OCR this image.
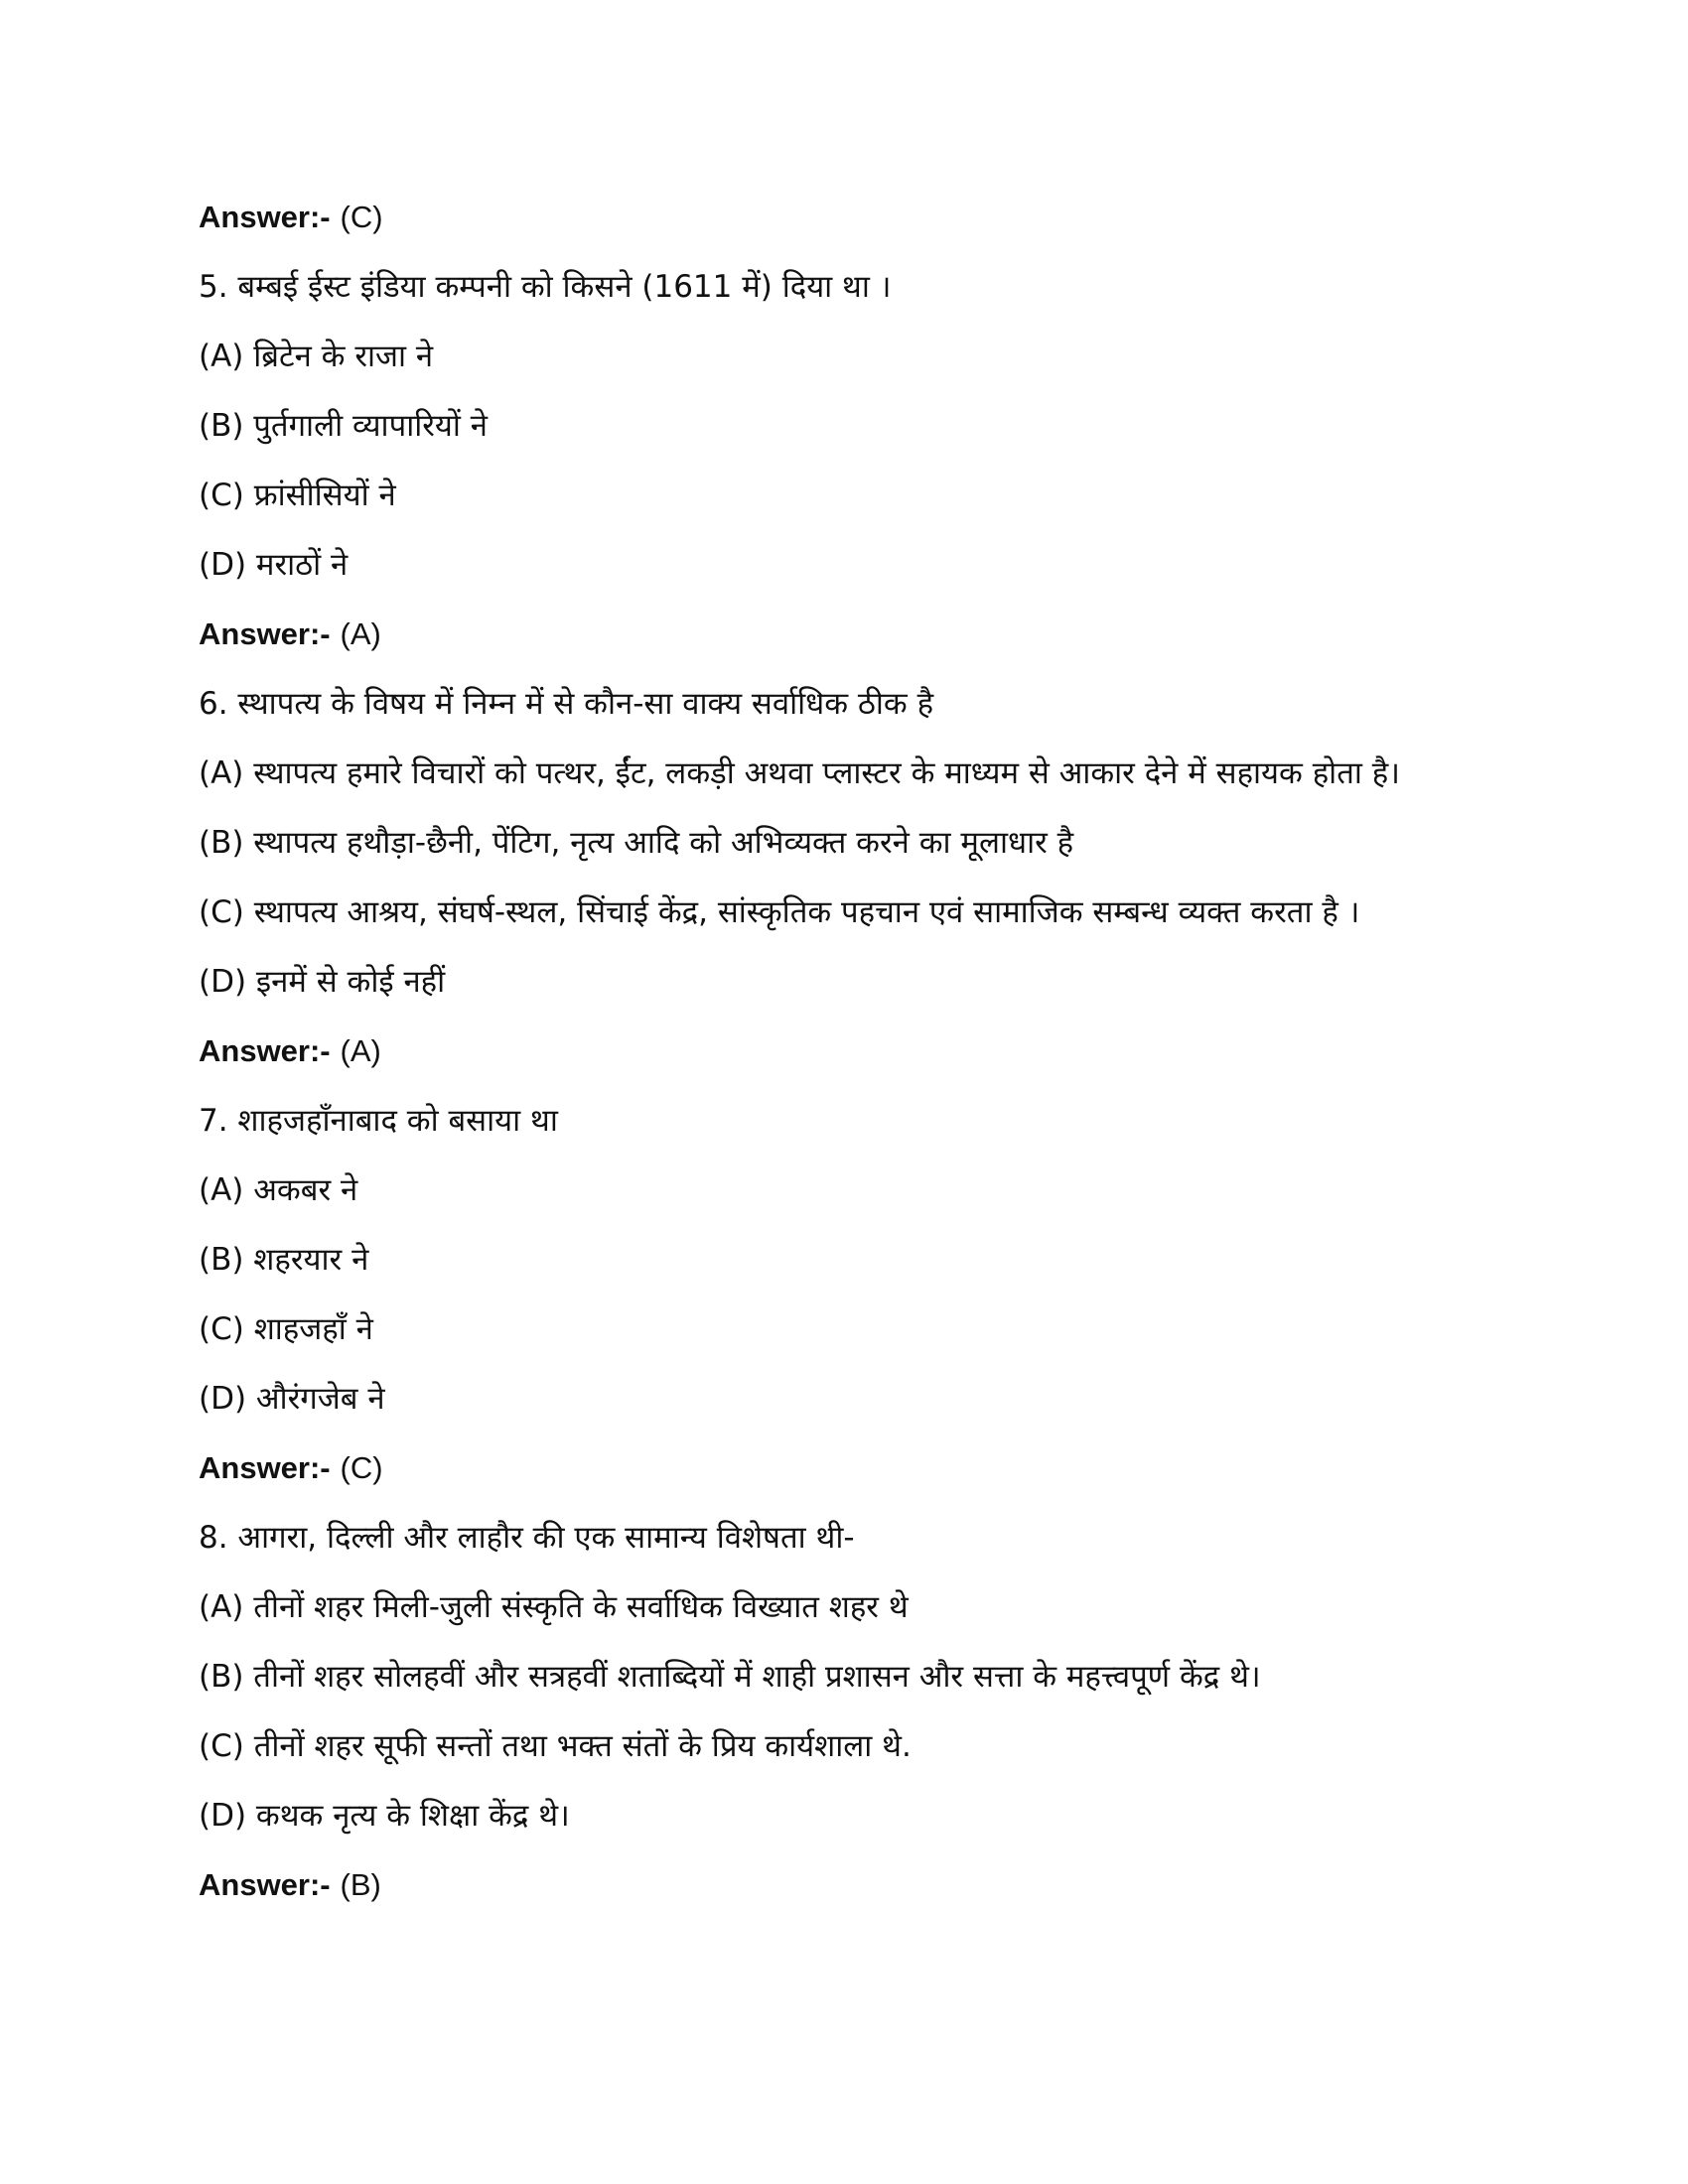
Answer:- (C)

5. बम्बई ईस्ट इंडिया कम्पनी को किसने (1611 में) दिया था ।

(A) ब्रिटेन के राजा ने

(B) पुर्तगाली व्यापारियों ने

(C) फ्रांसीसियों ने

(D) मराठों ने

Answer:- (A)

6. स्थापत्य के विषय में निम्न में से कौन-सा वाक्य सर्वाधिक ठीक है

(A) स्थापत्य हमारे विचारों को पत्थर, ईंट, लकड़ी अथवा प्लास्टर के माध्यम से आकार देने में सहायक होता है।

(B) स्थापत्य हथौड़ा-छैनी, पेंटिग, नृत्य आदि को अभिव्यक्त करने का मूलाधार है

(C) स्थापत्य आश्रय, संघर्ष-स्थल, सिंचाई केंद्र, सांस्कृतिक पहचान एवं सामाजिक सम्बन्ध व्यक्त करता है ।

(D) इनमें से कोई नहीं

Answer:- (A)

7. शाहजहाँनाबाद को बसाया था

(A) अकबर ने

(B) शहरयार ने

(C) शाहजहाँ ने

(D) औरंगजेब ने

Answer:- (C)

8. आगरा, दिल्ली और लाहौर की एक सामान्य विशेषता थी-

(A) तीनों शहर मिली-जुली संस्कृति के सर्वाधिक विख्यात शहर थे

(B) तीनों शहर सोलहवीं और सत्रहवीं शताब्दियों में शाही प्रशासन और सत्ता के महत्त्वपूर्ण केंद्र थे।

(C) तीनों शहर सूफी सन्तों तथा भक्त संतों के प्रिय कार्यशाला थे.

(D) कथक नृत्य के शिक्षा केंद्र थे।

Answer:- (B)
